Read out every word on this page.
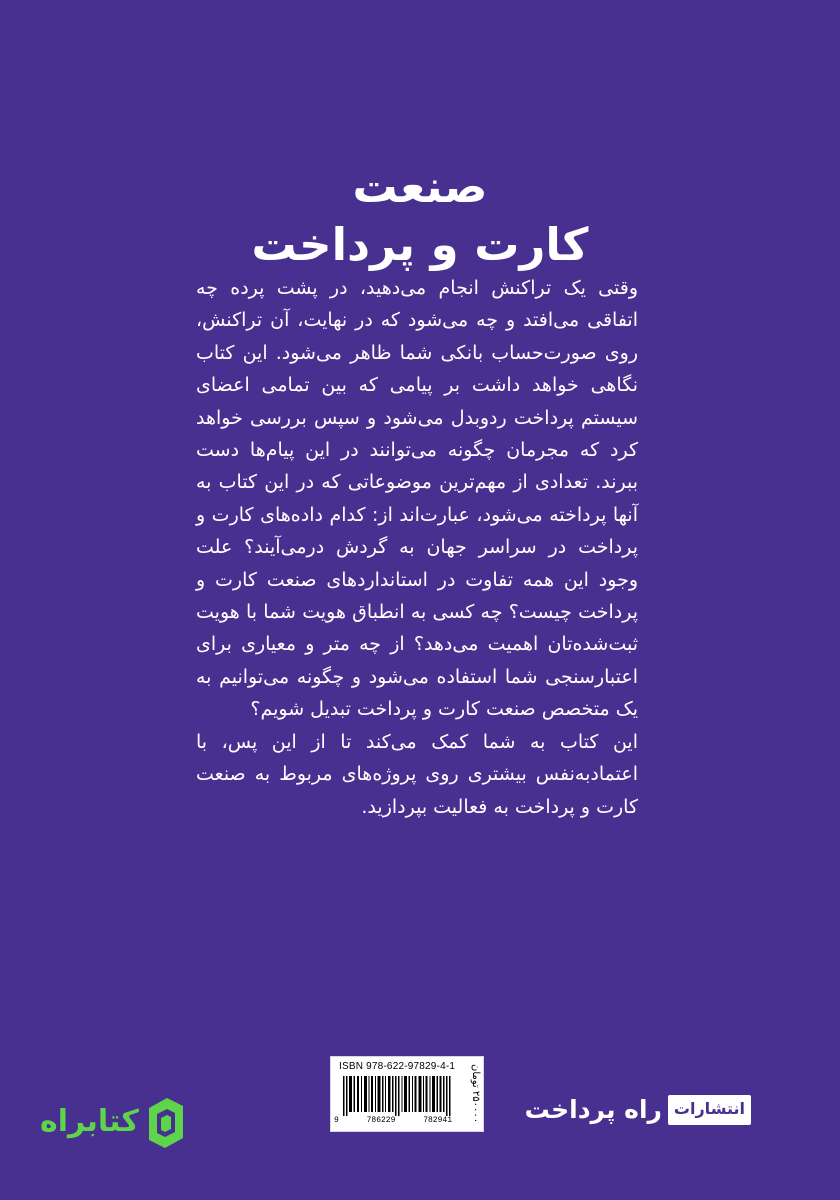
صنعت
کارت و پرداخت

وقتی یک تراکنش انجام می‌دهید، در پشت پرده چه اتفاقی می‌افتد و چه می‌شود که در نهایت، آن تراکنش، روی صورت‌حساب بانکی شما ظاهر می‌شود. این کتاب نگاهی خواهد داشت بر پیامی که بین تمامی اعضای سیستم پرداخت ردوبدل می‌شود و سپس بررسی خواهد کرد که مجرمان چگونه می‌توانند در این پیام‌ها دست ببرند. تعدادی از مهم‌ترین موضوعاتی که در این کتاب به آنها پرداخته می‌شود، عبارت‌اند از: کدام داده‌های کارت و پرداخت در سراسر جهان به گردش درمی‌آیند؟ علت وجود این همه تفاوت در استانداردهای صنعت کارت و پرداخت چیست؟ چه کسی به انطباق هویت شما با هویت ثبت‌شده‌تان اهمیت می‌دهد؟ از چه متر و معیاری برای اعتبارسنجی شما استفاده می‌شود و چگونه می‌توانیم به یک متخصص صنعت کارت و پرداخت تبدیل شویم؟

این کتاب به شما کمک می‌کند تا از این پس، با اعتمادبه‌نفس بیشتری روی پروژه‌های مربوط به صنعت کارت و پرداخت به فعالیت بپردازید.

ISBN 978-622-97829-4-1
9	786229	782941
۲۵۰۰۰۰ تومان	انتشارات
راه پرداخت
کتابراه
